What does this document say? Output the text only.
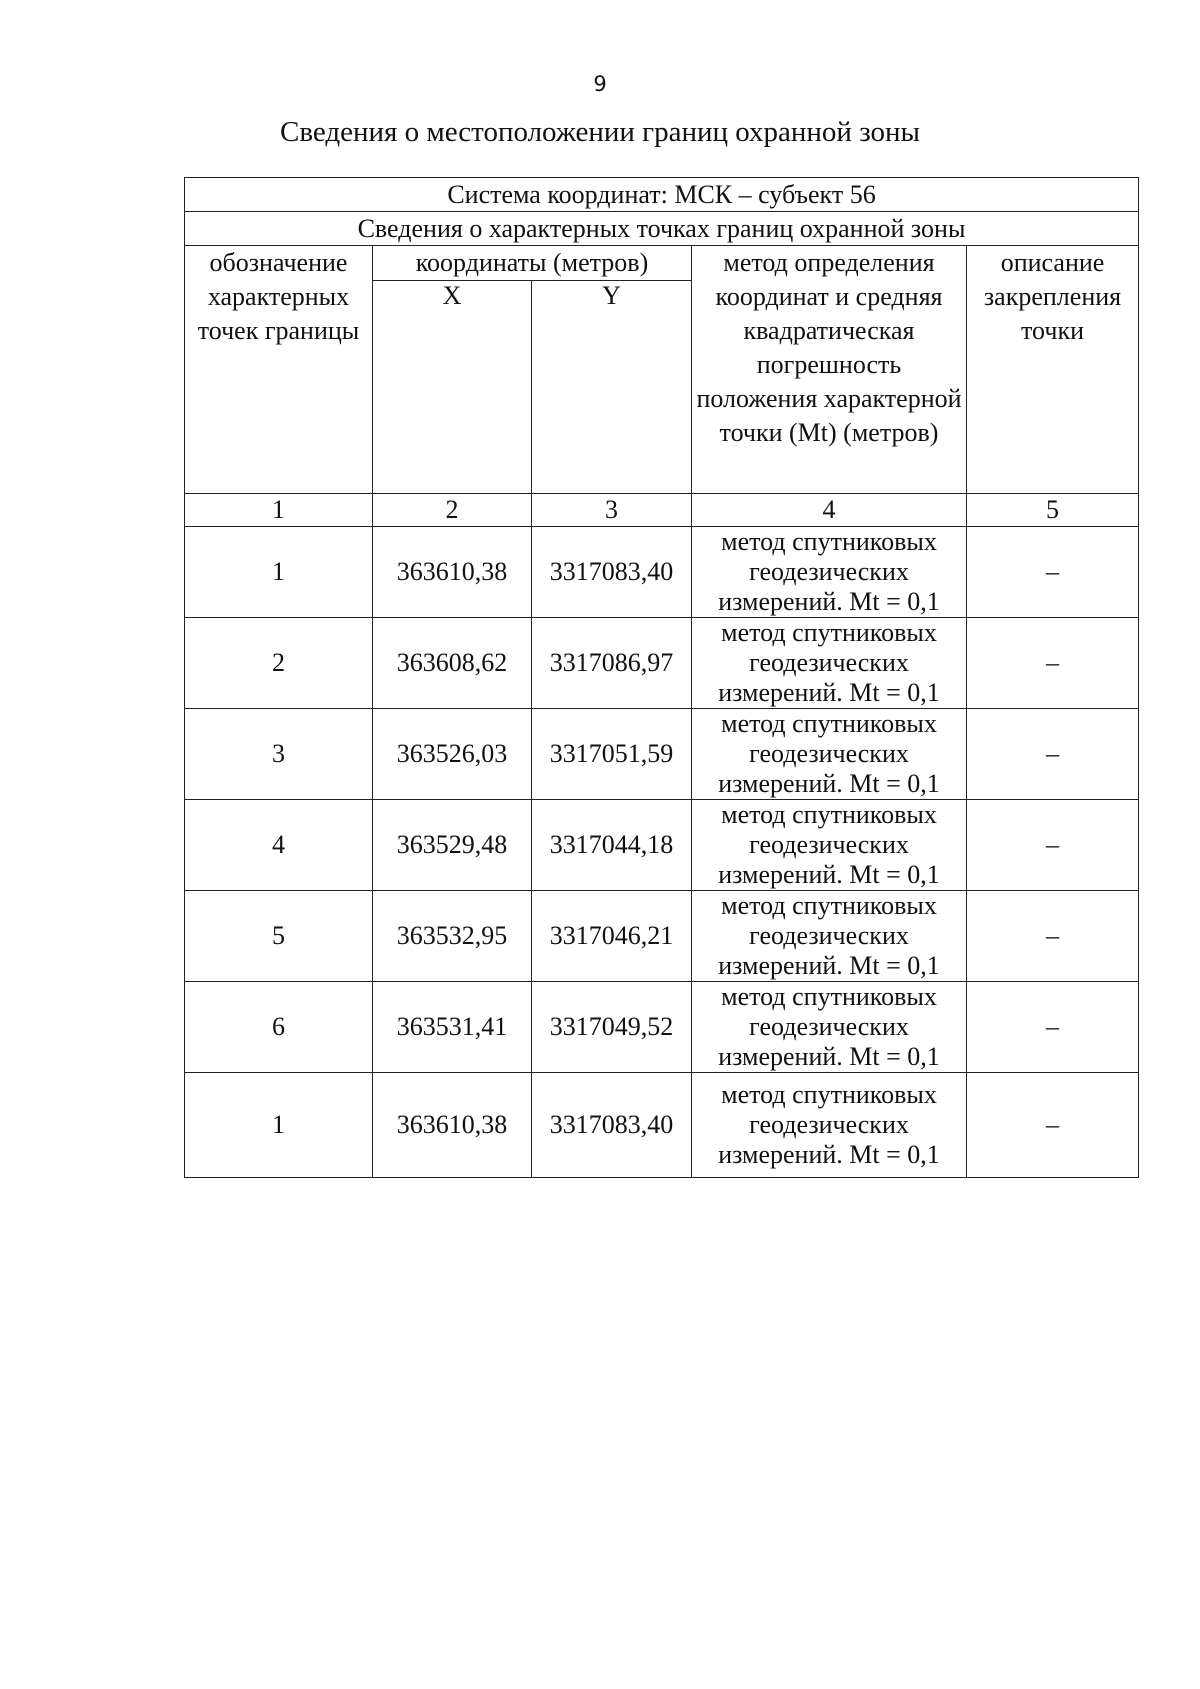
9
Сведения о местоположении границ охранной зоны
Система координат: МСК – субъект 56				
Сведения о характерных точках границ охранной зоны				
обозначение характерных точек границы	координаты (метров)		метод определения координат и средняя квадратическая погрешность положения характерной точки (Mt) (метров)	описание закрепления точки
	X	Y		
1	2	3	4	5
1	363610,38	3317083,40	метод спутниковых геодезических измерений. Mt = 0,1	–
2	363608,62	3317086,97	метод спутниковых геодезических измерений. Mt = 0,1	–
3	363526,03	3317051,59	метод спутниковых геодезических измерений. Mt = 0,1	–
4	363529,48	3317044,18	метод спутниковых геодезических измерений. Mt = 0,1	–
5	363532,95	3317046,21	метод спутниковых геодезических измерений. Mt = 0,1	–
6	363531,41	3317049,52	метод спутниковых геодезических измерений. Mt = 0,1	–
1	363610,38	3317083,40	метод спутниковых геодезических измерений. Mt = 0,1	–
